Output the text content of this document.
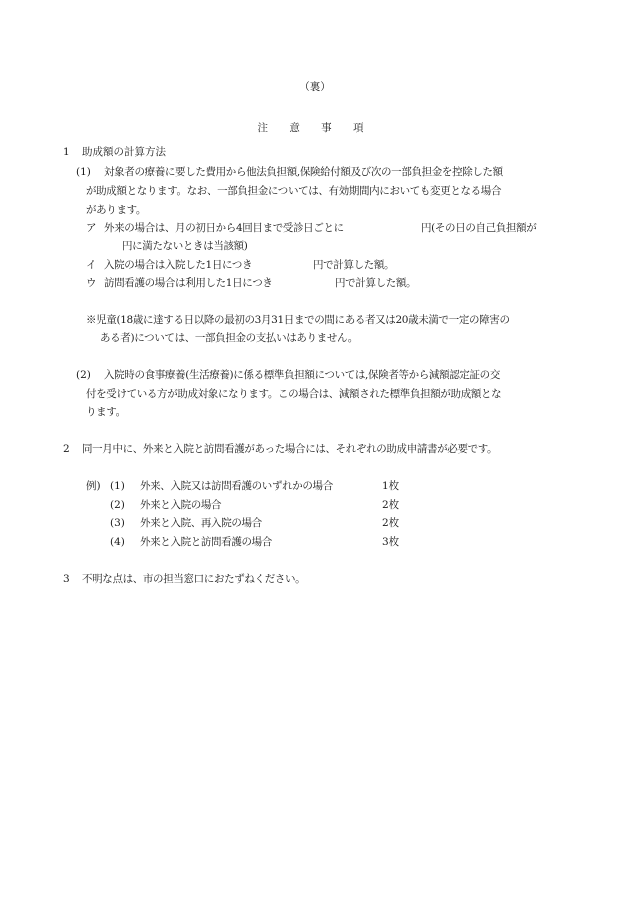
（裏）
注 意 事 項
1 助成額の計算方法
(1) 対象者の療養に要した費用から他法負担額,保険給付額及び次の一部負担金を控除した額
が助成額となります。なお、一部負担金については、有効期間内においても変更となる場合
があります。
ア 外来の場合は、月の初日から4回目まで受診日ごとに	円(その日の自己負担額が
円に満たないときは当該額)
イ 入院の場合は入院した1日につき	円で計算した額。
ウ 訪問看護の場合は利用した1日につき	円で計算した額。
※児童(18歳に達する日以降の最初の3月31日までの間にある者又は20歳未満で一定の障害の
ある者)については、一部負担金の支払いはありません。
(2) 入院時の食事療養(生活療養)に係る標準負担額については,保険者等から減額認定証の交
付を受けている方が助成対象になります。この場合は、減額された標準負担額が助成額とな
ります。
2 同一月中に、外来と入院と訪問看護があった場合には、それぞれの助成申請書が必要です。
例) (1) 外来、入院又は訪問看護のいずれかの場合	1枚
(2) 外来と入院の場合	2枚
(3) 外来と入院、再入院の場合	2枚
(4) 外来と入院と訪問看護の場合	3枚
3 不明な点は、市の担当窓口におたずねください。
